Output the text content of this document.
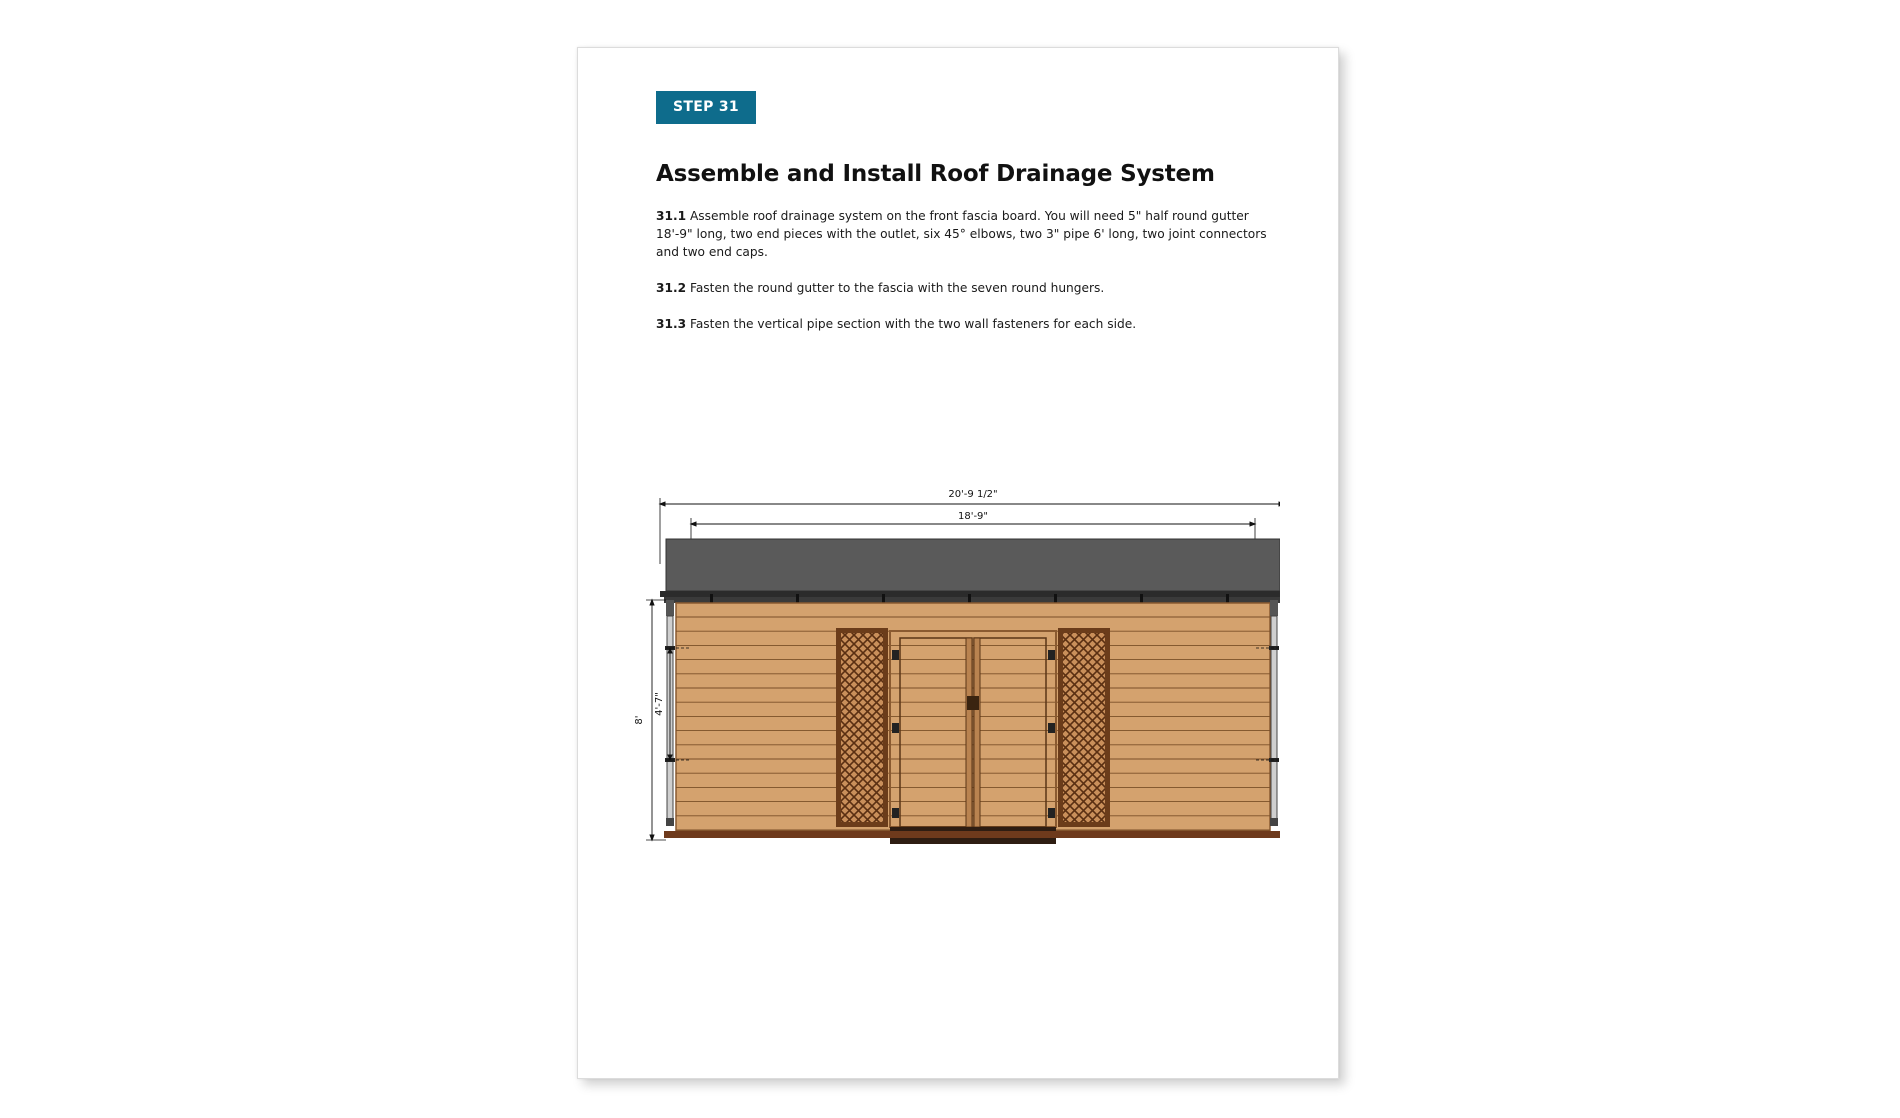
STEP 31
Assemble and Install Roof Drainage System

31.1 Assemble roof drainage system on the front fascia board. You will need 5" half round gutter 18'-9" long, two end pieces with the outlet, six 45° elbows, two 3" pipe 6' long, two joint connectors and two end caps.

31.2 Fasten the round gutter to the fascia with the seven round hungers.

31.3 Fasten the vertical pipe section with the two wall fasteners for each side.

20'-9 1/2"
18'-9"
8'
4'-7"
